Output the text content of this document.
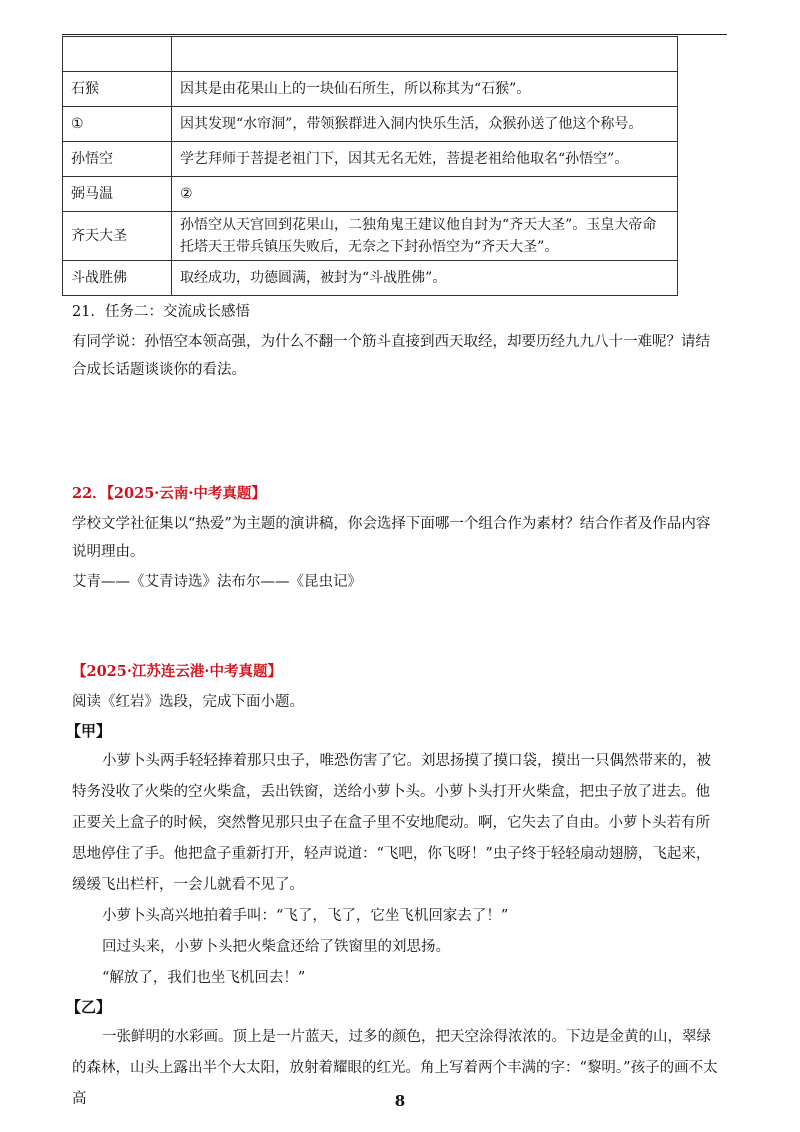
石猴	因其是由花果山上的一块仙石所生，所以称其为“石猴”。
①	因其发现“水帘洞”，带领猴群进入洞内快乐生活，众猴孙送了他这个称号。
孙悟空	学艺拜师于菩提老祖门下，因其无名无姓，菩提老祖给他取名“孙悟空”。
弼马温	②
齐天大圣	孙悟空从天宫回到花果山，二独角鬼王建议他自封为“齐天大圣”。玉皇大帝命托塔天王带兵镇压失败后，无奈之下封孙悟空为“齐天大圣”。
斗战胜佛	取经成功，功德圆满，被封为“斗战胜佛”。
21．任务二：交流成长感悟
有同学说：孙悟空本领高强，为什么不翻一个筋斗直接到西天取经，却要历经九九八十一难呢？请结合成长话题谈谈你的看法。
22．【2025·云南·中考真题】
学校文学社征集以“热爱”为主题的演讲稿，你会选择下面哪一个组合作为素材？结合作者及作品内容说明理由。
艾青——《艾青诗选》法布尔——《昆虫记》
【2025·江苏连云港·中考真题】
阅读《红岩》选段，完成下面小题。
【甲】

小萝卜头两手轻轻捧着那只虫子，唯恐伤害了它。刘思扬摸了摸口袋，摸出一只偶然带来的，被特务没收了火柴的空火柴盒，丢出铁窗，送给小萝卜头。小萝卜头打开火柴盒，把虫子放了进去。他正要关上盒子的时候，突然瞥见那只虫子在盒子里不安地爬动。啊，它失去了自由。小萝卜头若有所思地停住了手。他把盒子重新打开，轻声说道：“飞吧，你飞呀！”虫子终于轻轻扇动翅膀，飞起来，缓缓飞出栏杆，一会儿就看不见了。

小萝卜头高兴地拍着手叫：“飞了，飞了，它坐飞机回家去了！”

回过头来，小萝卜头把火柴盒还给了铁窗里的刘思扬。

“解放了，我们也坐飞机回去！”

【乙】

一张鲜明的水彩画。顶上是一片蓝天，过多的颜色，把天空涂得浓浓的。下边是金黄的山，翠绿的森林，山头上露出半个大太阳，放射着耀眼的红光。角上写着两个丰满的字：“黎明。”孩子的画不太高	8
